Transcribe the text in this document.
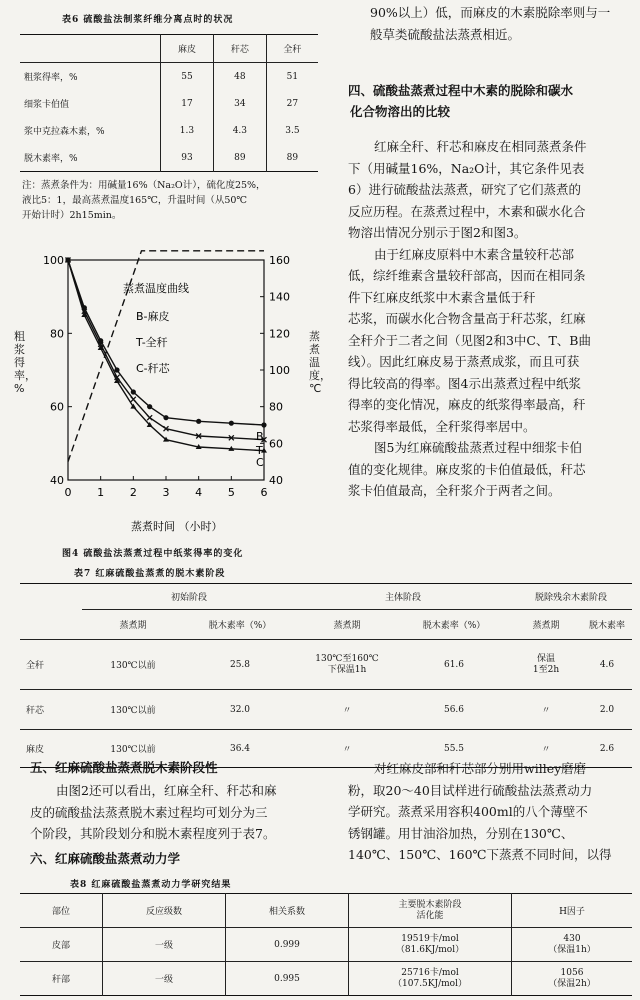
表6 硫酸盐法制浆纤维分离点时的状况
	麻皮	秆芯	全秆
粗浆得率，%	55	48	51
细浆卡伯值	17	34	27
浆中克拉森木素，%	1.3	4.3	3.5
脱木素率，%	93	89	89
注：蒸煮条件为：用碱量16%（Na₂O计），硫化度25%，
液比5：1，最高蒸煮温度165℃，升温时间（从50℃
开始计时）2h15min。
0 1 2 3 4 5 6
40
60
80
100
40
60
80
100
120
140
160
蒸煮温度曲线
B-麻皮
T-全秆
C-秆芯
B
C
T
蒸煮时间 （小时）
粗浆得率，%
蒸煮温度，℃
图4 硫酸盐法蒸煮过程中纸浆得率的变化
90%以上）低，而麻皮的木素脱除率则与一
般草类硫酸盐法蒸煮相近。
四、硫酸盐蒸煮过程中木素的脱除和碳水
化合物溶出的比较
红麻全秆、秆芯和麻皮在相同蒸煮条件
下（用碱量16%，Na₂O计，其它条件见表
6）进行硫酸盐法蒸煮，研究了它们蒸煮的
反应历程。在蒸煮过程中，木素和碳水化合
物溶出情况分别示于图2和图3。
由于红麻皮原料中木素含量较秆芯部
低，综纤维素含量较秆部高，因而在相同条
件下红麻皮纸浆中木素含量低于秆
芯浆，而碳水化合物含量高于秆芯浆，红麻
全秆介于二者之间（见图2和3中C、T、B曲
线）。因此红麻皮易于蒸煮成浆，而且可获
得比较高的得率。图4示出蒸煮过程中纸浆
得率的变化情况，麻皮的纸浆得率最高，秆
芯浆得率最低，全秆浆得率居中。
图5为红麻硫酸盐蒸煮过程中细浆卡伯
值的变化规律。麻皮浆的卡伯值最低，秆芯
浆卡伯值最高，全秆浆介于两者之间。
表7 红麻硫酸盐蒸煮的脱木素阶段
	初始阶段		主体阶段		脱除残余木素阶段	
	蒸煮期	脱木素率（%）	蒸煮期	脱木素率（%）	蒸煮期	脱木素率
全秆	130℃以前	25.8	130℃至160℃
下保温1h	61.6	保温
1至2h	4.6
秆芯	130℃以前	32.0	〃	56.6	〃	2.0
麻皮	130℃以前	36.4	〃	55.5	〃	2.6
五、红麻硫酸盐蒸煮脱木素阶段性
由图2还可以看出，红麻全秆、秆芯和麻
皮的硫酸盐法蒸煮脱木素过程均可划分为三
个阶段，其阶段划分和脱木素程度列于表7。
六、红麻硫酸盐蒸煮动力学
对红麻皮部和秆芯部分别用willey磨磨
粉，取20～40目试样进行硫酸盐法蒸煮动力
学研究。蒸煮采用容积400ml的八个薄壁不
锈钢罐。用甘油浴加热，分别在130℃、
140℃、150℃、160℃下蒸煮不同时间，以得
表8 红麻硫酸盐蒸煮动力学研究结果
部位	反应级数	相关系数	主要脱木素阶段
活化能	H因子
皮部	一级	0.999	19519卡/mol
（81.6KJ/mol）	430
（保温1h）
秆部	一级	0.995	25716卡/mol
（107.5KJ/mol）	1056
（保温2h）
